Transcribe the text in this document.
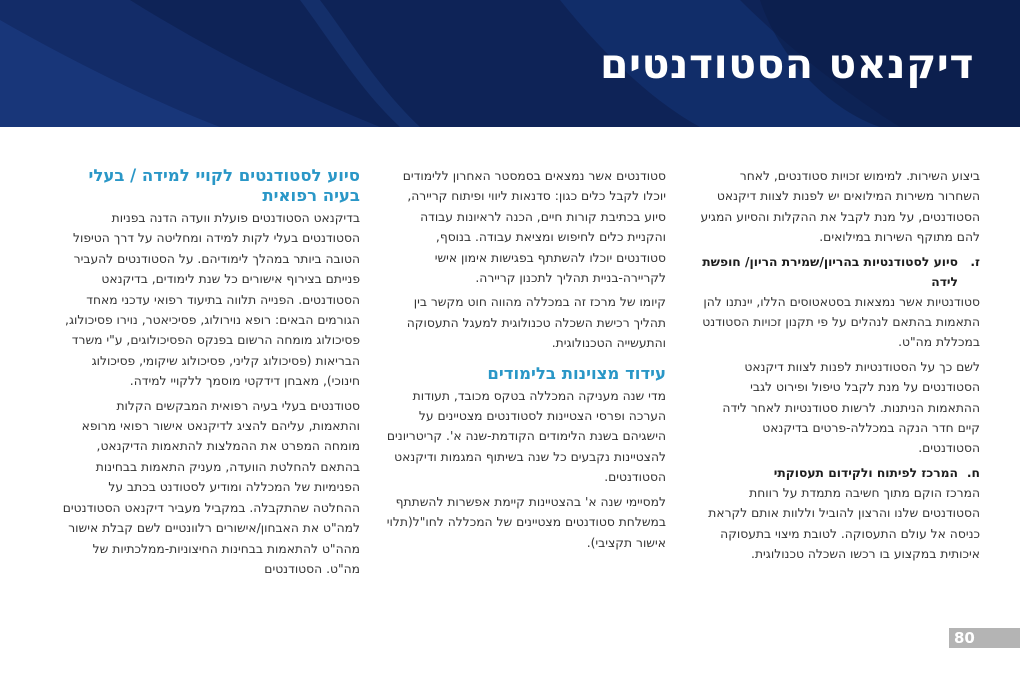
דיקנאט הסטודנטים

ביצוע השירות. למימוש זכויות סטודנטים, לאחר השחרור משירות המילואים יש לפנות לצוות דיקנאט הסטודנטים, על מנת לקבל את ההקלות והסיוע המגיע להם מתוקף השירות במילואים.

ז.
סיוע לסטודנטיות בהריון/שמירת הריון/ חופשת לידה

סטודנטיות אשר נמצאות בסטאטוסים הללו, יינתנו להן התאמות בהתאם לנהלים על פי תקנון זכויות הסטודנט במכללת מה"ט.

לשם כך על הסטודנטיות לפנות לצוות דיקנאט הסטודנטים על מנת לקבל טיפול ופירוט לגבי ההתאמות הניתנות. לרשות סטודנטיות לאחר לידה קיים חדר הנקה במכללה-פרטים בדיקנאט הסטודנטים.

ח.
המרכז לפיתוח ולקידום תעסוקתי

המרכז הוקם מתוך חשיבה מתמדת על רווחת הסטודנטים שלנו והרצון להוביל וללוות אותם לקראת כניסה אל עולם התעסוקה. לטובת מיצוי בתעסוקה איכותית במקצוע בו רכשו השכלה טכנולוגית.

סטודנטים אשר נמצאים בסמסטר האחרון ללימודים יוכלו לקבל כלים כגון: סדנאות ליווי ופיתוח קריירה, סיוע בכתיבת קורות חיים, הכנה לראיונות עבודה והקניית כלים לחיפוש ומציאת עבודה. בנוסף, סטודנטים יוכלו להשתתף בפגישות אימון אישי לקריירה-בניית תהליך לתכנון קריירה.

קיומו של מרכז זה במכללה מהווה חוט מקשר בין תהליך רכישת השכלה טכנולוגית למעגל התעסוקה והתעשייה הטכנולוגית.

עידוד מצוינות בלימודים

מדי שנה מעניקה המכללה בטקס מכובד, תעודות הערכה ופרסי הצטיינות לסטודנטים מצטיינים על הישגיהם בשנת הלימודים הקודמת-שנה א'. קריטריונים להצטיינות נקבעים כל שנה בשיתוף המגמות ודיקנאט הסטודנטים.

למסיימי שנה א' בהצטיינות קיימת אפשרות להשתתף במשלחת סטודנטים מצטיינים של המכללה לחו"ל(תלוי אישור תקציבי).

סיוע לסטודנטים לקויי למידה / בעלי בעיה רפואית

בדיקנאט הסטודנטים פועלת וועדה הדנה בפניות הסטודנטים בעלי לקות למידה ומחליטה על דרך הטיפול הטובה ביותר במהלך לימודיהם. על הסטודנטים להעביר פנייתם בצירוף אישורים כל שנת לימודים, בדיקנאט הסטודנטים. הפנייה תלווה בתיעוד רפואי עדכני מאחד הגורמים הבאים: רופא נוירולוג, פסיכיאטר, נוירו פסיכולוג, פסיכולוג מומחה הרשום בפנקס הפסיכולוגים, ע"י משרד הבריאות (פסיכולוג קליני, פסיכולוג שיקומי, פסיכולוג חינוכי), מאבחן דידקטי מוסמך ללקויי למידה.

סטודנטים בעלי בעיה רפואית המבקשים הקלות והתאמות, עליהם להציג לדיקנאט אישור רפואי מרופא מומחה המפרט את ההמלצות להתאמות הדיקנאט, בהתאם להחלטת הוועדה, מעניק התאמות בבחינות הפנימיות של המכללה ומודיע לסטודנט בכתב על ההחלטה שהתקבלה. במקביל מעביר דיקנאט הסטודנטים למה"ט את האבחון/אישורים רלוונטיים לשם קבלת אישור מהה"ט להתאמות בבחינות החיצוניות-ממלכתיות של מה"ט. הסטודנטים

80
